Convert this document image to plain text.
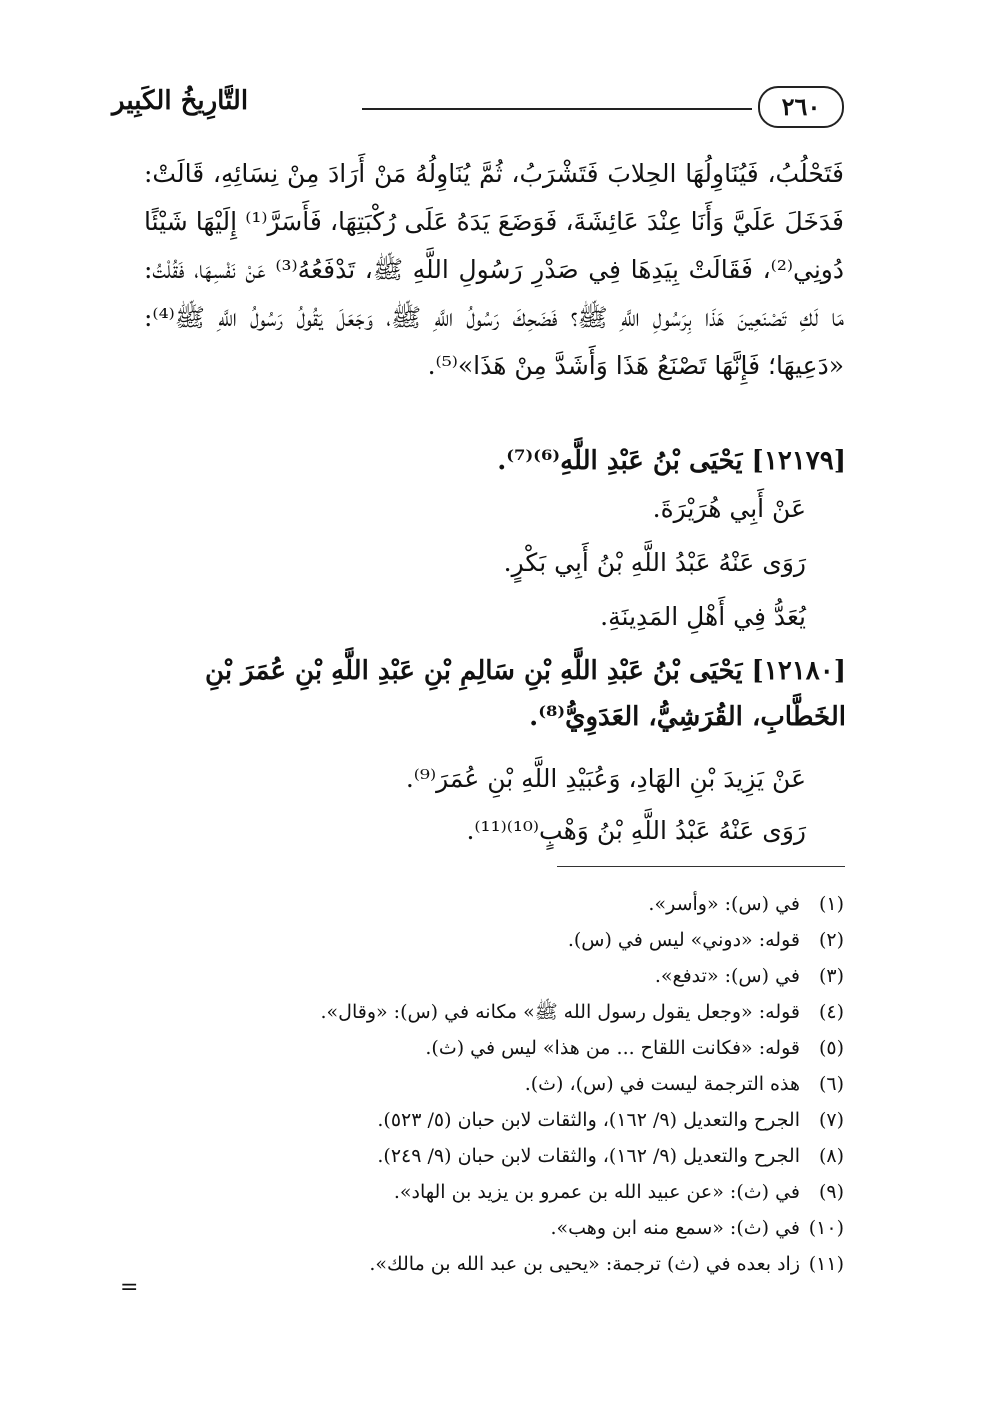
التَّارِيخُ الكَبِير	٢٦٠
فَتَحْلُبُ، فَيُنَاوِلُهَا الحِلابَ فَتَشْرَبُ، ثُمَّ يُنَاوِلُهُ مَنْ أَرَادَ مِنْ نِسَائِهِ، قَالَتْ: فَدَخَلَ عَلَيَّ وَأَنَا عِنْدَ عَائِشَةَ، فَوَضَعَ يَدَهُ عَلَى رُكْبَتِهَا، فَأَسَرَّ⁽¹⁾ إِلَيْهَا شَيْئًا دُونِي⁽²⁾، فَقَالَتْ بِيَدِهَا فِي صَدْرِ رَسُولِ اللَّهِ ﷺ، تَدْفَعُهُ⁽³⁾ عَنْ نَفْسِهَا، فَقُلْتُ: مَا لَكِ تَصْنَعِينَ هَذَا بِرَسُولِ اللَّهِ ﷺ؟ فَضَحِكَ رَسُولُ اللَّهِ ﷺ، وَجَعَلَ يَقُولُ رَسُولُ اللَّهِ ﷺ⁽⁴⁾: «دَعِيهَا؛ فَإِنَّهَا تَصْنَعُ هَذَا وَأَشَدَّ مِنْ هَذَا»⁽⁵⁾.
[١٢١٧٩] يَحْيَى بْنُ عَبْدِ اللَّهِ⁽⁶⁾⁽⁷⁾.
عَنْ أَبِي هُرَيْرَةَ.
رَوَى عَنْهُ عَبْدُ اللَّهِ بْنُ أَبِي بَكْرٍ.
يُعَدُّ فِي أَهْلِ المَدِينَةِ.
[١٢١٨٠] يَحْيَى بْنُ عَبْدِ اللَّهِ بْنِ سَالِمِ بْنِ عَبْدِ اللَّهِ بْنِ عُمَرَ بْنِ الخَطَّابِ، القُرَشِيُّ، العَدَوِيُّ⁽⁸⁾.
عَنْ يَزِيدَ بْنِ الهَادِ، وَعُبَيْدِ اللَّهِ بْنِ عُمَرَ⁽⁹⁾.
رَوَى عَنْهُ عَبْدُ اللَّهِ بْنُ وَهْبٍ⁽¹⁰⁾⁽¹¹⁾.
(١)
في (س): «وأسر».
(٢)
قوله: «دوني» ليس في (س).
(٣)
في (س): «تدفع».
(٤)
قوله: «وجعل يقول رسول الله ﷺ» مكانه في (س): «وقال».
(٥)
قوله: «فكانت اللقاح ... من هذا» ليس في (ث).
(٦)
هذه الترجمة ليست في (س)، (ث).
(٧)
الجرح والتعديل (٩/ ١٦٢)، والثقات لابن حبان (٥/ ٥٢٣).
(٨)
الجرح والتعديل (٩/ ١٦٢)، والثقات لابن حبان (٩/ ٢٤٩).
(٩)
في (ث): «عن عبيد الله بن عمرو بن يزيد بن الهاد».
(١٠)
في (ث): «سمع منه ابن وهب».
(١١)
زاد بعده في (ث) ترجمة: «يحيى بن عبد الله بن مالك».
=
